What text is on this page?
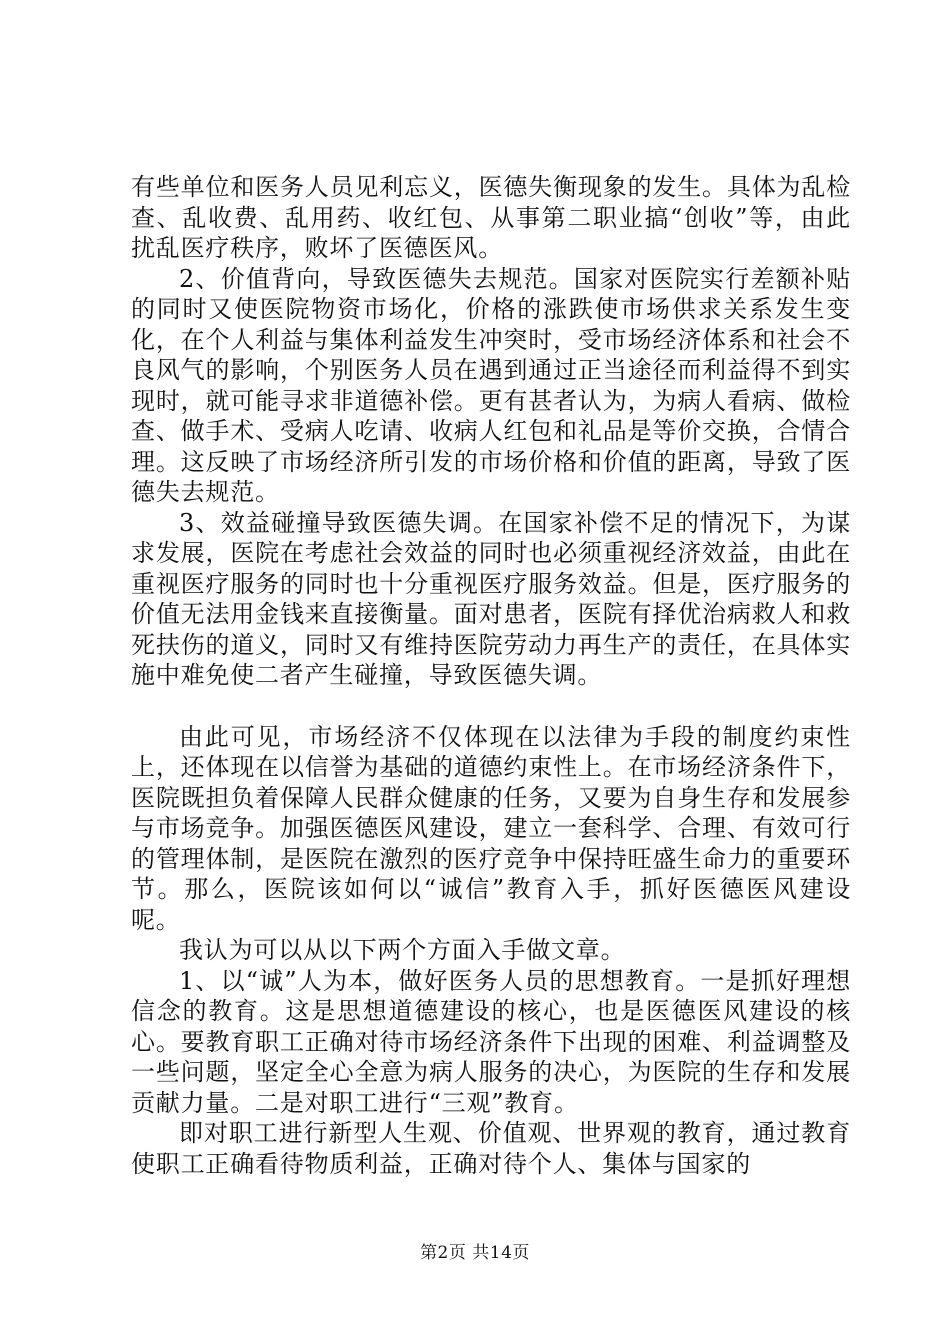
有些单位和医务人员见利忘义，医德失衡现象的发生。具体为乱检查、乱收费、乱用药、收红包、从事第二职业搞“创收”等，由此扰乱医疗秩序，败坏了医德医风。

2、价值背向，导致医德失去规范。国家对医院实行差额补贴的同时又使医院物资市场化，价格的涨跌使市场供求关系发生变化，在个人利益与集体利益发生冲突时，受市场经济体系和社会不良风气的影响，个别医务人员在遇到通过正当途径而利益得不到实现时，就可能寻求非道德补偿。更有甚者认为，为病人看病、做检查、做手术、受病人吃请、收病人红包和礼品是等价交换，合情合理。这反映了市场经济所引发的市场价格和价值的距离，导致了医德失去规范。

3、效益碰撞导致医德失调。在国家补偿不足的情况下，为谋求发展，医院在考虑社会效益的同时也必须重视经济效益，由此在重视医疗服务的同时也十分重视医疗服务效益。但是，医疗服务的价值无法用金钱来直接衡量。面对患者，医院有择优治病救人和救死扶伤的道义，同时又有维持医院劳动力再生产的责任，在具体实施中难免使二者产生碰撞，导致医德失调。

由此可见，市场经济不仅体现在以法律为手段的制度约束性上，还体现在以信誉为基础的道德约束性上。在市场经济条件下，医院既担负着保障人民群众健康的任务，又要为自身生存和发展参与市场竞争。加强医德医风建设，建立一套科学、合理、有效可行的管理体制，是医院在激烈的医疗竞争中保持旺盛生命力的重要环节。那么，医院该如何以“诚信”教育入手，抓好医德医风建设呢。

我认为可以从以下两个方面入手做文章。

1、以“诚”人为本，做好医务人员的思想教育。一是抓好理想信念的教育。这是思想道德建设的核心，也是医德医风建设的核心。要教育职工正确对待市场经济条件下出现的困难、利益调整及一些问题，坚定全心全意为病人服务的决心，为医院的生存和发展贡献力量。二是对职工进行“三观”教育。

即对职工进行新型人生观、价值观、世界观的教育，通过教育使职工正确看待物质利益，正确对待个人、集体与国家的

第2页 共14页
